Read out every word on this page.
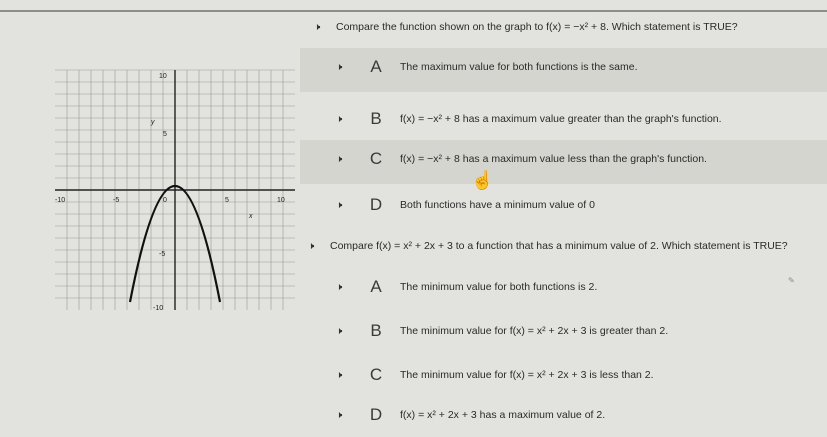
10
y
5
-10	-5	0	5	10
x
-5
-10
🕨	Compare the function shown on the graph to f(x) = −x² + 8. Which statement is TRUE?
🕨 A	The maximum value for both functions is the same.
🕨 B	f(x) = −x² + 8 has a maximum value greater than the graph's function.
🕨 C	f(x) = −x² + 8 has a maximum value less than the graph's function.
🕨 D	Both functions have a minimum value of 0
🕨	Compare f(x) = x² + 2x + 3 to a function that has a minimum value of 2. Which statement is TRUE?
🕨 A	The minimum value for both functions is 2.
🕨 B	The minimum value for f(x) = x² + 2x + 3 is greater than 2.
🕨 C	The minimum value for f(x) = x² + 2x + 3 is less than 2.
🕨 D	f(x) = x² + 2x + 3 has a maximum value of 2.
☝
✎
